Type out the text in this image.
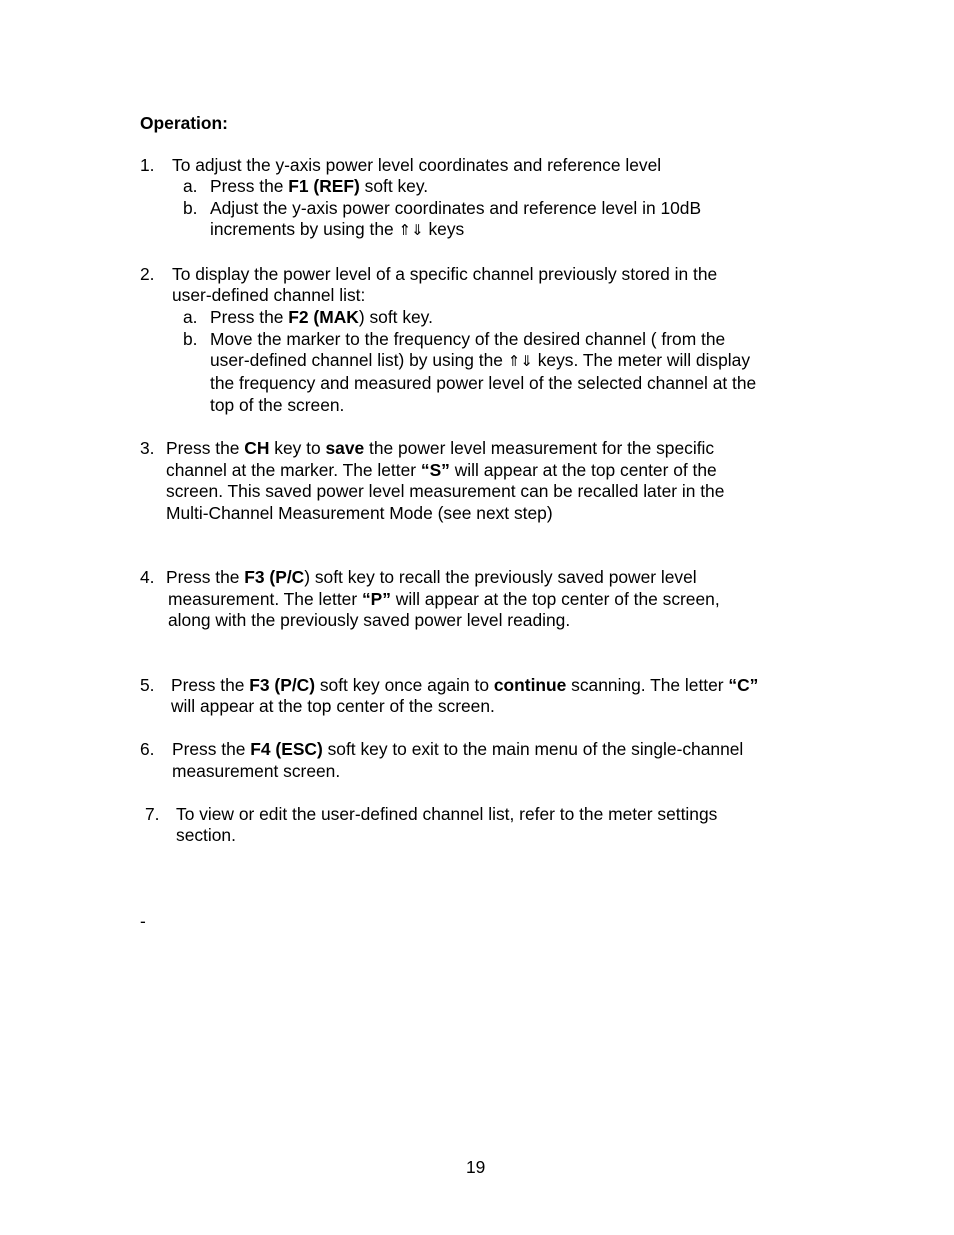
Operation:
1. To adjust the y-axis power level coordinates and reference level
a. Press the F1 (REF) soft key.
b. Adjust the y-axis power coordinates and reference level in 10dB
increments by using the ⇑⇓ keys
2. To display the power level of a specific channel previously stored in the
user-defined channel list:
a. Press the F2 (MAK) soft key.
b. Move the marker to the frequency of the desired channel ( from the
user-defined channel list) by using the ⇑⇓ keys. The meter will display
the frequency and measured power level of the selected channel at the
top of the screen.
3. Press the CH key to save the power level measurement for the specific
channel at the marker. The letter “S” will appear at the top center of the
screen. This saved power level measurement can be recalled later in the
Multi-Channel Measurement Mode (see next step)
4. Press the F3 (P/C) soft key to recall the previously saved power level
measurement. The letter “P” will appear at the top center of the screen,
along with the previously saved power level reading.
5. Press the F3 (P/C) soft key once again to continue scanning. The letter “C”
will appear at the top center of the screen.
6. Press the F4 (ESC) soft key to exit to the main menu of the single-channel
measurement screen.
7. To view or edit the user-defined channel list, refer to the meter settings
section.
-
19
